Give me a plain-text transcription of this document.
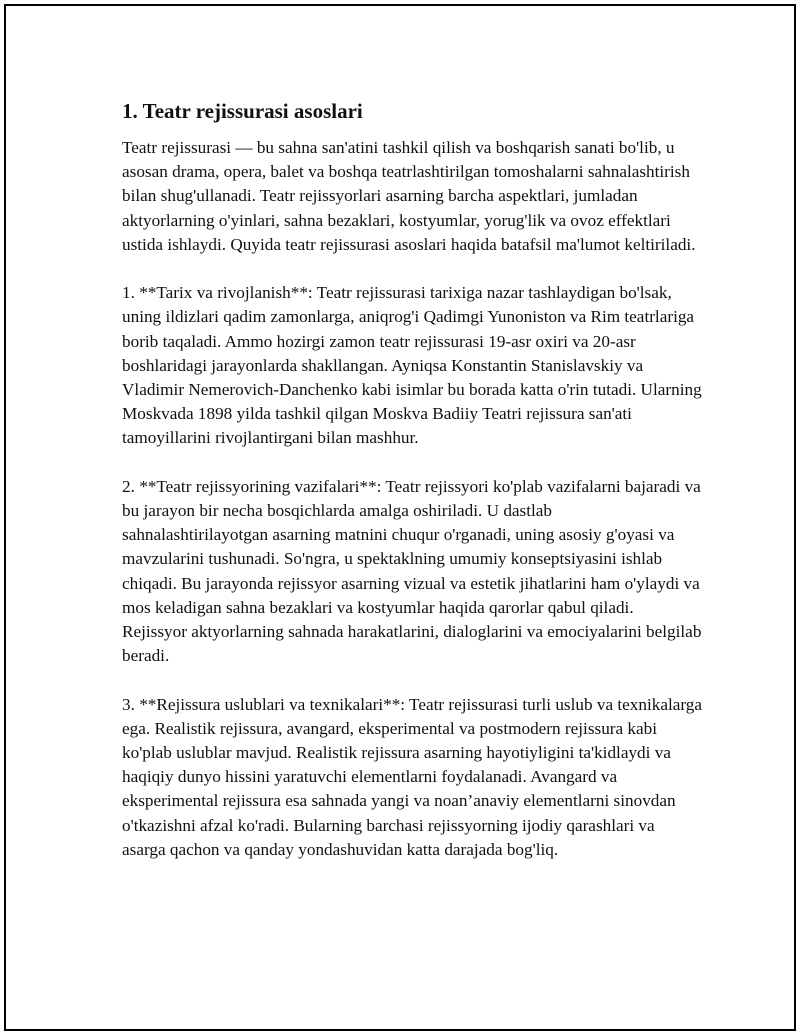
1. Teatr rejissurasi asoslari

Teatr rejissurasi — bu sahna san'atini tashkil qilish va boshqarish sanati bo'lib, u asosan drama, opera, balet va boshqa teatrlashtirilgan tomoshalarni sahnalashtirish bilan shug'ullanadi. Teatr rejissyorlari asarning barcha aspektlari, jumladan aktyorlarning o'yinlari, sahna bezaklari, kostyumlar, yorug'lik va ovoz effektlari ustida ishlaydi. Quyida teatr rejissurasi asoslari haqida batafsil ma'lumot keltiriladi.

1. **Tarix va rivojlanish**: Teatr rejissurasi tarixiga nazar tashlaydigan bo'lsak, uning ildizlari qadim zamonlarga, aniqrog'i Qadimgi Yunoniston va Rim teatrlariga borib taqaladi. Ammo hozirgi zamon teatr rejissurasi 19-asr oxiri va 20-asr boshlaridagi jarayonlarda shakllangan. Ayniqsa Konstantin Stanislavskiy va Vladimir Nemerovich-Danchenko kabi isimlar bu borada katta o'rin tutadi. Ularning Moskvada 1898 yilda tashkil qilgan Moskva Badiiy Teatri rejissura san'ati tamoyillarini rivojlantirgani bilan mashhur.

2. **Teatr rejissyorining vazifalari**: Teatr rejissyori ko'plab vazifalarni bajaradi va bu jarayon bir necha bosqichlarda amalga oshiriladi. U dastlab sahnalashtirilayotgan asarning matnini chuqur o'rganadi, uning asosiy g'oyasi va mavzularini tushunadi. So'ngra, u spektaklning umumiy konseptsiyasini ishlab chiqadi. Bu jarayonda rejissyor asarning vizual va estetik jihatlarini ham o'ylaydi va mos keladigan sahna bezaklari va kostyumlar haqida qarorlar qabul qiladi. Rejissyor aktyorlarning sahnada harakatlarini, dialoglarini va emociyalarini belgilab beradi.

3. **Rejissura uslublari va texnikalari**: Teatr rejissurasi turli uslub va texnikalarga ega. Realistik rejissura, avangard, eksperimental va postmodern rejissura kabi ko'plab uslublar mavjud. Realistik rejissura asarning hayotiyligini ta'kidlaydi va haqiqiy dunyo hissini yaratuvchi elementlarni foydalanadi. Avangard va eksperimental rejissura esa sahnada yangi va noan’anaviy elementlarni sinovdan o'tkazishni afzal ko'radi. Bularning barchasi rejissyorning ijodiy qarashlari va asarga qachon va qanday yondashuvidan katta darajada bog'liq.
